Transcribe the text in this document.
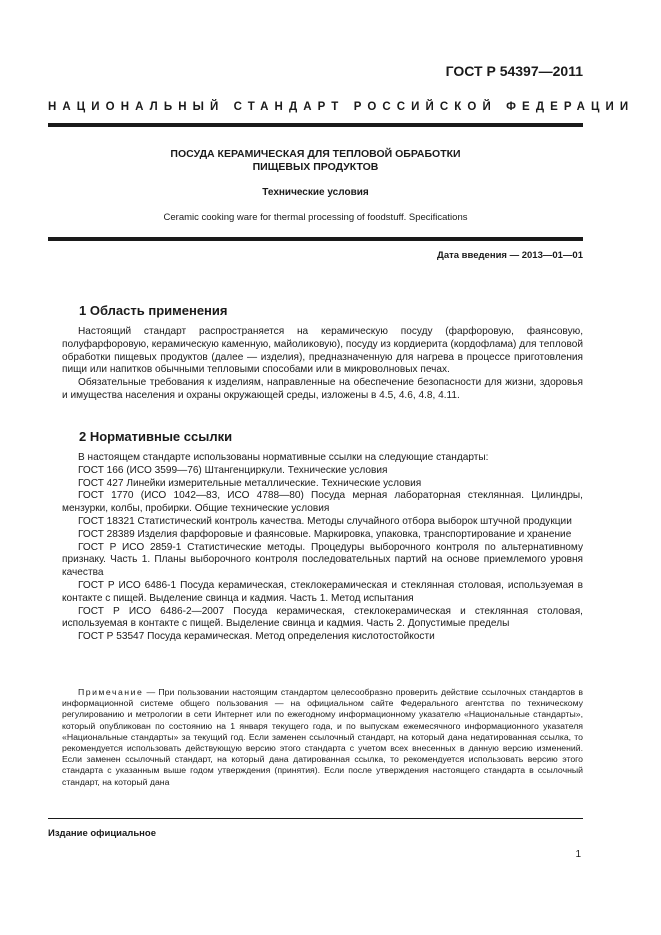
ГОСТ Р 54397—2011
НАЦИОНАЛЬНЫЙ СТАНДАРТ РОССИЙСКОЙ ФЕДЕРАЦИИ
ПОСУДА КЕРАМИЧЕСКАЯ ДЛЯ ТЕПЛОВОЙ ОБРАБОТКИ
ПИЩЕВЫХ ПРОДУКТОВ
Технические условия
Ceramic cooking ware for thermal processing of foodstuff. Specifications
Дата введения — 2013—01—01
1 Область применения

Настоящий стандарт распространяется на керамическую посуду (фарфоровую, фаянсовую, полуфарфоровую, керамическую каменную, майоликовую), посуду из кордиерита (кордофлама) для тепловой обработки пищевых продуктов (далее — изделия), предназначенную для нагрева в процессе приготовления пищи или напитков обычными тепловыми способами или в микроволновых печах.

Обязательные требования к изделиям, направленные на обеспечение безопасности для жизни, здоровья и имущества населения и охраны окружающей среды, изложены в 4.5, 4.6, 4.8, 4.11.

2 Нормативные ссылки

В настоящем стандарте использованы нормативные ссылки на следующие стандарты:

ГОСТ 166 (ИСО 3599—76) Штангенциркули. Технические условия

ГОСТ 427 Линейки измерительные металлические. Технические условия

ГОСТ 1770 (ИСО 1042—83, ИСО 4788—80) Посуда мерная лабораторная стеклянная. Цилиндры, мензурки, колбы, пробирки. Общие технические условия

ГОСТ 18321 Статистический контроль качества. Методы случайного отбора выборок штучной продукции

ГОСТ 28389 Изделия фарфоровые и фаянсовые. Маркировка, упаковка, транспортирование и хранение

ГОСТ Р ИСО 2859-1 Статистические методы. Процедуры выборочного контроля по альтернативному признаку. Часть 1. Планы выборочного контроля последовательных партий на основе приемлемого уровня качества

ГОСТ Р ИСО 6486-1 Посуда керамическая, стеклокерамическая и стеклянная столовая, используемая в контакте с пищей. Выделение свинца и кадмия. Часть 1. Метод испытания

ГОСТ Р ИСО 6486-2—2007 Посуда керамическая, стеклокерамическая и стеклянная столовая, используемая в контакте с пищей. Выделение свинца и кадмия. Часть 2. Допустимые пределы

ГОСТ Р 53547 Посуда керамическая. Метод определения кислотостойкости

Примечание — При пользовании настоящим стандартом целесообразно проверить действие ссылочных стандартов в информационной системе общего пользования — на официальном сайте Федерального агентства по техническому регулированию и метрологии в сети Интернет или по ежегодному информационному указателю «Национальные стандарты», который опубликован по состоянию на 1 января текущего года, и по выпускам ежемесячного информационного указателя «Национальные стандарты» за текущий год. Если заменен ссылочный стандарт, на который дана недатированная ссылка, то рекомендуется использовать действующую версию этого стандарта с учетом всех внесенных в данную версию изменений. Если заменен ссылочный стандарт, на который дана датированная ссылка, то рекомендуется использовать версию этого стандарта с указанным выше годом утверждения (принятия). Если после утверждения настоящего стандарта в ссылочный стандарт, на который дана

Издание официальное
1
